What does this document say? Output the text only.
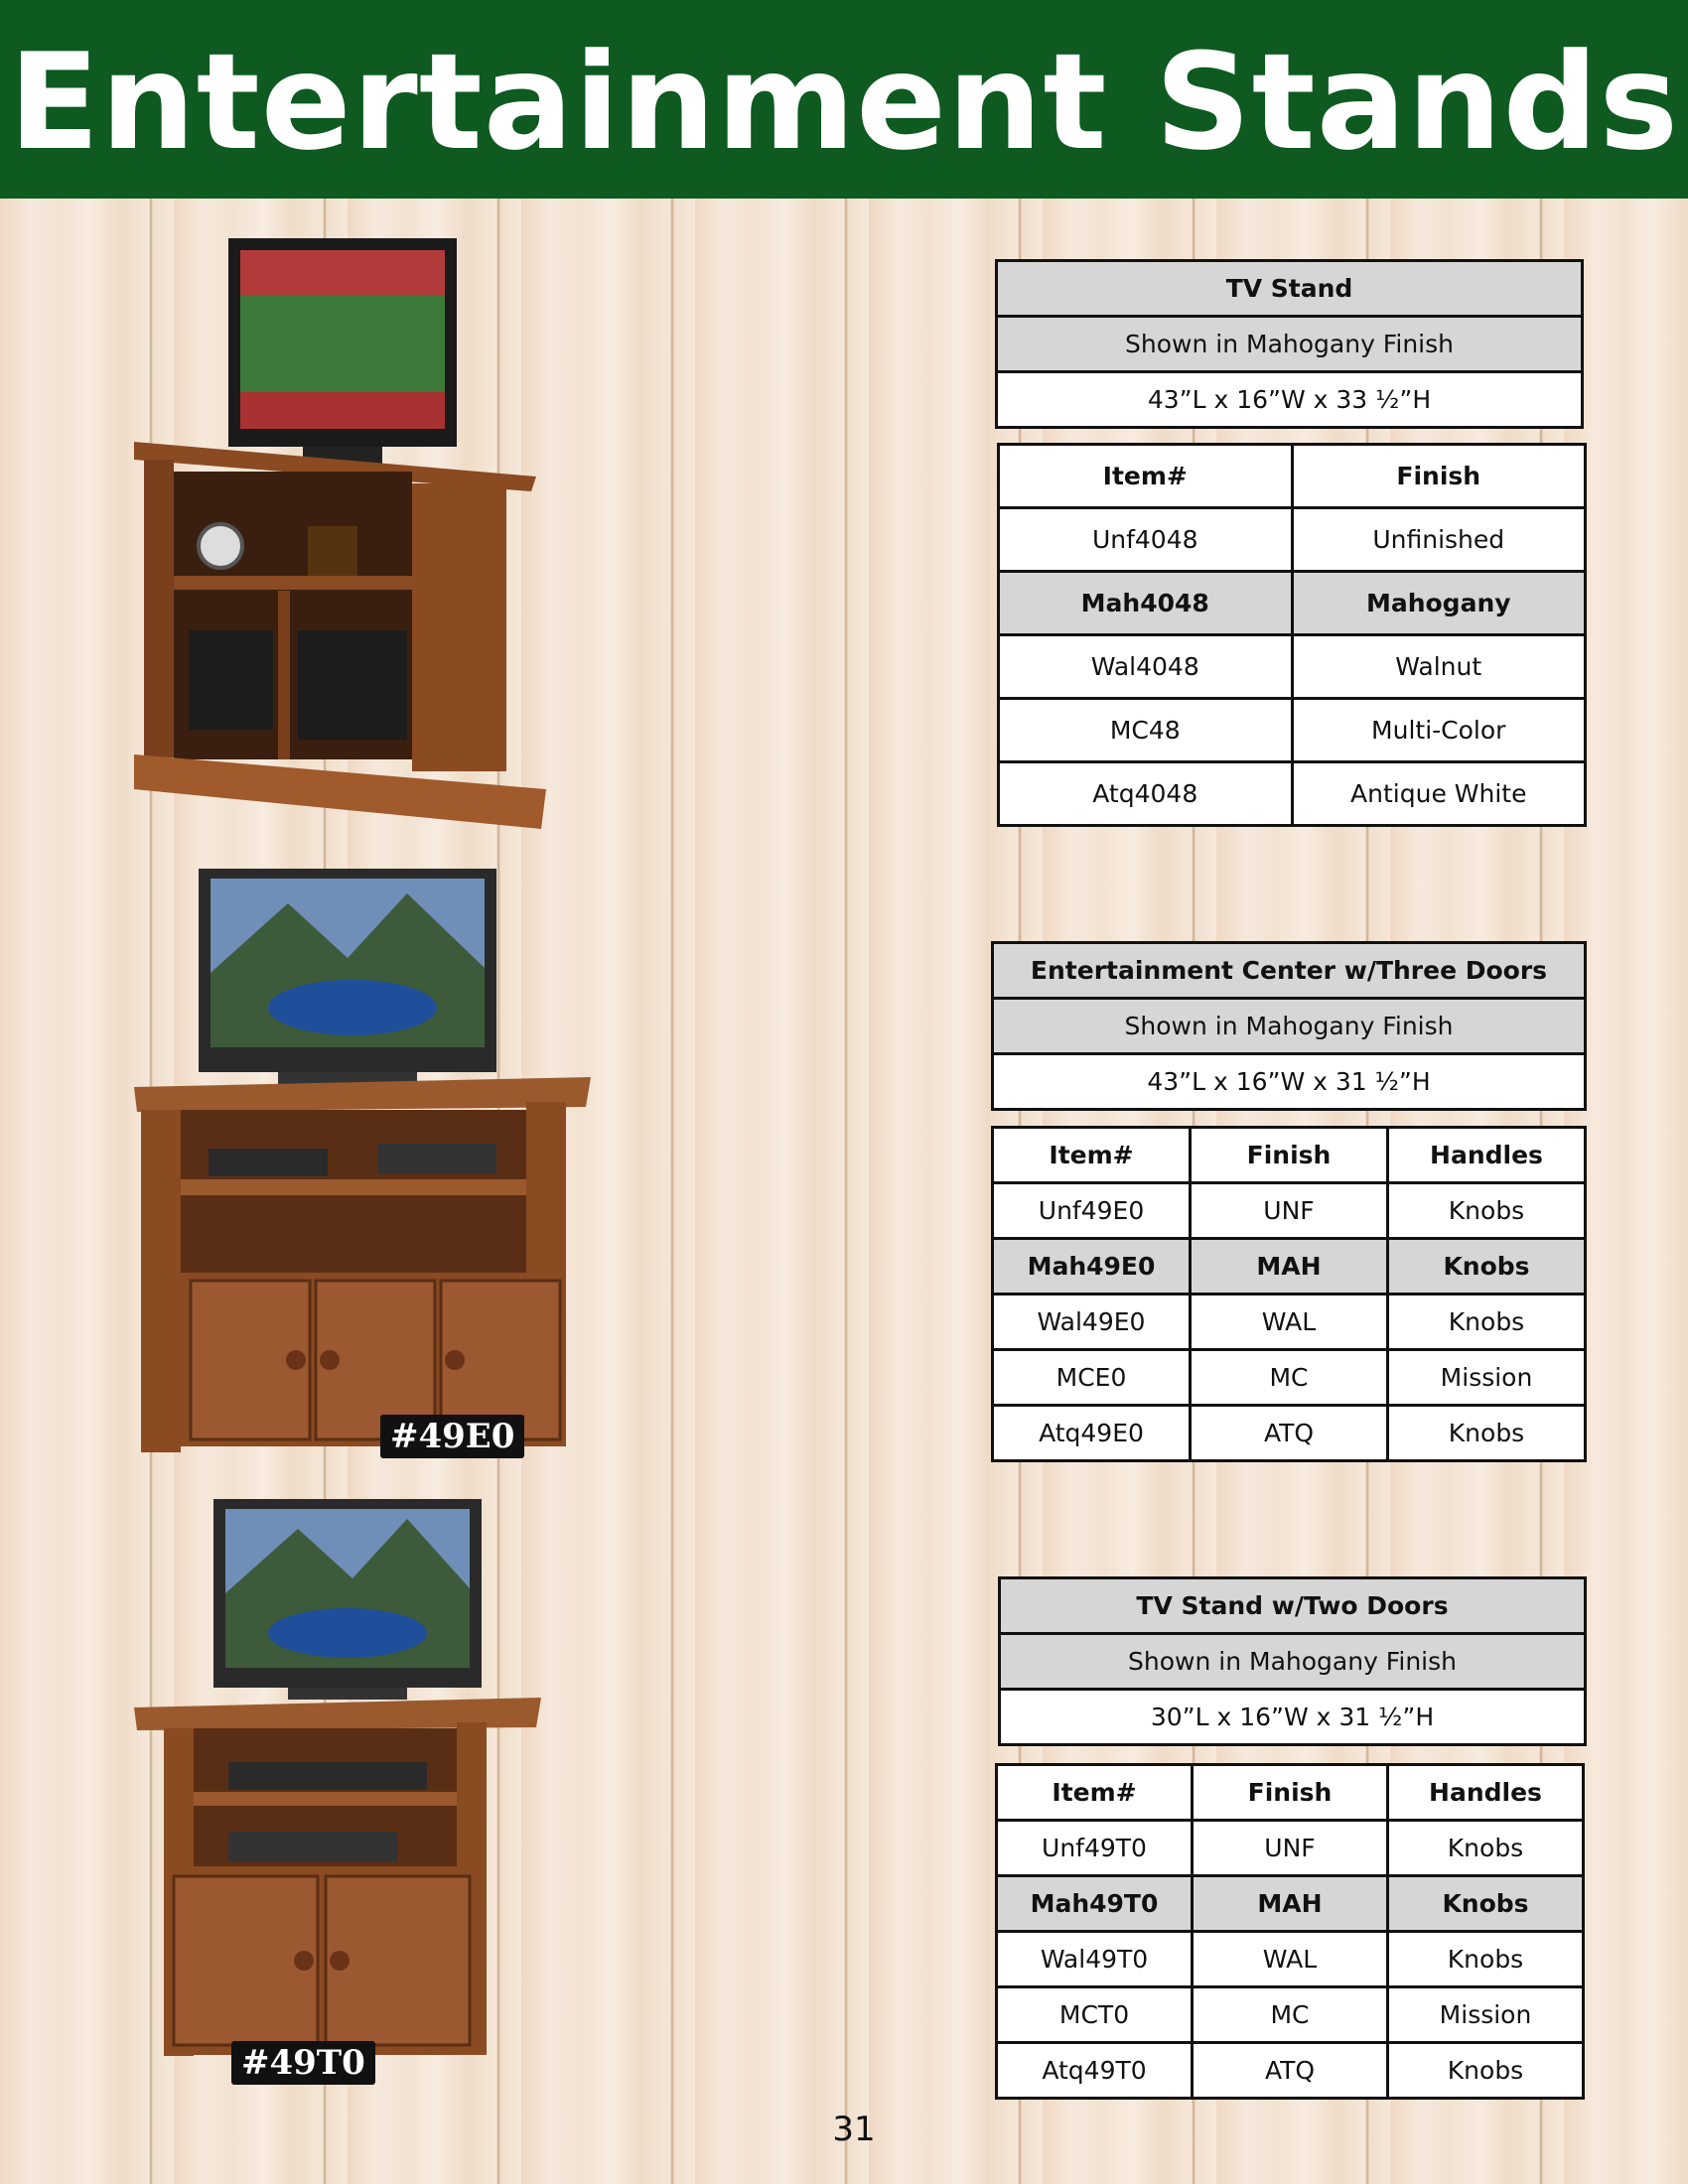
Entertainment Stands
#49E0
#49T0
TV Stand
Shown in Mahogany Finish
43”L x 16”W x 33 ½”H
Item#	Finish
Unf4048	Unfinished
Mah4048	Mahogany
Wal4048	Walnut
MC48	Multi-Color
Atq4048	Antique White
Entertainment Center w/Three Doors
Shown in Mahogany Finish
43”L x 16”W x 31 ½”H
Item#	Finish	Handles
Unf49E0	UNF	Knobs
Mah49E0	MAH	Knobs
Wal49E0	WAL	Knobs
MCE0	MC	Mission
Atq49E0	ATQ	Knobs
TV Stand w/Two Doors
Shown in Mahogany Finish
30”L x 16”W x 31 ½”H
Item#	Finish	Handles
Unf49T0	UNF	Knobs
Mah49T0	MAH	Knobs
Wal49T0	WAL	Knobs
MCT0	MC	Mission
Atq49T0	ATQ	Knobs
31
